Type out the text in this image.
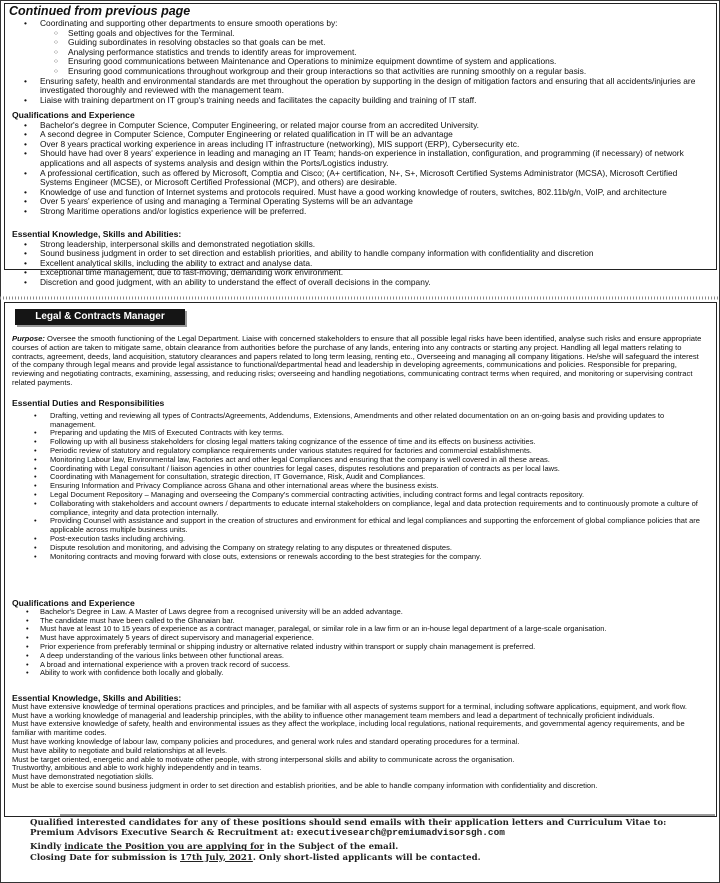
Continued from previous page
• Coordinating and supporting other departments to ensure smooth operations by:
○ Setting goals and objectives for the Terminal.
○ Guiding subordinates in resolving obstacles so that goals can be met.
○ Analysing performance statistics and trends to identify areas for improvement.
○ Ensuring good communications between Maintenance and Operations to minimize equipment downtime of system and applications.
○ Ensuring good communications throughout workgroup and their group interactions so that activities are running smoothly on a regular basis.
• Ensuring safety, health and environmental standards are met throughout the operation by supporting in the design of mitigation factors and ensuring that all accidents/injuries are investigated thoroughly and reviewed with the management team.
• Liaise with training department on IT group's training needs and facilitates the capacity building and training of IT staff.
Qualifications and Experience
• Bachelor's degree in Computer Science, Computer Engineering, or related major course from an accredited University.
• A second degree in Computer Science, Computer Engineering or related qualification in IT will be an advantage
• Over 8 years practical working experience in areas including IT infrastructure (networking), MIS support (ERP), Cybersecurity etc.
• Should have had over 8 years' experience in leading and managing an IT Team; hands-on experience in installation, configuration, and programming (if necessary) of network applications and all aspects of systems analysis and design within the Ports/Logistics industry.
• A professional certification, such as offered by Microsoft, Comptia and Cisco; (A+ certification, N+, S+, Microsoft Certified Systems Administrator (MCSA), Microsoft Certified Systems Engineer (MCSE), or Microsoft Certified Professional (MCP), and others) are desirable.
• Knowledge of use and function of Internet systems and protocols required. Must have a good working knowledge of routers, switches, 802.11b/g/n, VoIP, and architecture
• Over 5 years' experience of using and managing a Terminal Operating Systems will be an advantage
• Strong Maritime operations and/or logistics experience will be preferred.
Essential Knowledge, Skills and Abilities:
• Strong leadership, interpersonal skills and demonstrated negotiation skills.
• Sound business judgment in order to set direction and establish priorities, and ability to handle company information with confidentiality and discretion
• Excellent analytical skills, including the ability to extract and analyse data.
• Exceptional time management, due to fast-moving, demanding work environment.
• Discretion and good judgment, with an ability to understand the effect of overall decisions in the company.
Legal & Contracts Manager
Purpose: Oversee the smooth functioning of the Legal Department. Liaise with concerned stakeholders to ensure that all possible legal risks have been identified, analyse such risks and ensure appropriate courses of action are taken to mitigate same, obtain clearance from authorities before the purchase of any lands, entering into any contracts or starting any project. Handling all legal matters relating to contracts, agreement, deeds, land acquisition, statutory clearances and papers related to long term leasing, renting etc., Overseeing and managing all company litigations. He/she will safeguard the interest of the company through legal means and provide legal assistance to functional/departmental head and leadership in developing agreements, communications and policies. Responsible for preparing, reviewing and negotiating contracts, examining, assessing, and reducing risks; overseeing and handling negotiations, communicating contract terms when required, and monitoring or supervising contract related payments.
Essential Duties and Responsibilities
• Drafting, vetting and reviewing all types of Contracts/Agreements, Addendums, Extensions, Amendments and other related documentation on an on-going basis and providing updates to management.
• Preparing and updating the MIS of Executed Contracts with key terms.
• Following up with all business stakeholders for closing legal matters taking cognizance of the essence of time and its effects on business activities.
• Periodic review of statutory and regulatory compliance requirements under various statutes required for factories and commercial establishments.
• Monitoring Labour law, Environmental law, Factories act and other legal Compliances and ensuring that the company is well covered in all these areas.
• Coordinating with Legal consultant / liaison agencies in other countries for legal cases, disputes resolutions and preparation of contracts as per local laws.
• Coordinating with Management for consultation, strategic direction, IT Governance, Risk, Audit and Compliances.
• Ensuring Information and Privacy Compliance across Ghana and other international areas where the business exists.
• Legal Document Repository – Managing and overseeing the Company's commercial contracting activities, including contract forms and legal contracts repository.
• Collaborating with stakeholders and account owners / departments to educate internal stakeholders on compliance, legal and data protection requirements and to continuously promote a culture of compliance, integrity and data protection internally.
• Providing Counsel with assistance and support in the creation of structures and environment for ethical and legal compliances and supporting the enforcement of global compliance policies that are applicable across multiple business units.
• Post-execution tasks including archiving.
• Dispute resolution and monitoring, and advising the Company on strategy relating to any disputes or threatened disputes.
• Monitoring contracts and moving forward with close outs, extensions or renewals according to the best strategies for the company.
Qualifications and Experience
• Bachelor's Degree in Law. A Master of Laws degree from a recognised university will be an added advantage.
• The candidate must have been called to the Ghanaian bar.
• Must have at least 10 to 15 years of experience as a contract manager, paralegal, or similar role in a law firm or an in-house legal department of a large-scale organisation.
• Must have approximately 5 years of direct supervisory and managerial experience.
• Prior experience from preferably terminal or shipping industry or alternative related industry within transport or supply chain management is preferred.
• A deep understanding of the various links between other functional areas.
• A broad and international experience with a proven track record of success.
• Ability to work with confidence both locally and globally.
Essential Knowledge, Skills and Abilities:
Must have extensive knowledge of terminal operations practices and principles, and be familiar with all aspects of systems support for a terminal, including software applications, equipment, and work flow.
Must have a working knowledge of managerial and leadership principles, with the ability to influence other management team members and lead a department of technically proficient individuals.
Must have extensive knowledge of safety, health and environmental issues as they affect the workplace, including local regulations, national requirements, and governmental agency requirements, and be familiar with maritime codes.
Must have working knowledge of labour law, company policies and procedures, and general work rules and standard operating procedures for a terminal.
Must have ability to negotiate and build relationships at all levels.
Must be target oriented, energetic and able to motivate other people, with strong interpersonal skills and ability to communicate across the organisation.
Trustworthy, ambitious and able to work highly independently and in teams.
Must have demonstrated negotiation skills.
Must be able to exercise sound business judgment in order to set direction and establish priorities, and be able to handle company information with confidentiality and discretion.
Qualified interested candidates for any of these positions should send emails with their application letters and Curriculum Vitae to:
Premium Advisors Executive Search & Recruitment at: executivesearch@premiumadvisorsgh.com
Kindly indicate the Position you are applying for in the Subject of the email.
Closing Date for submission is 17th July, 2021. Only short-listed applicants will be contacted.
